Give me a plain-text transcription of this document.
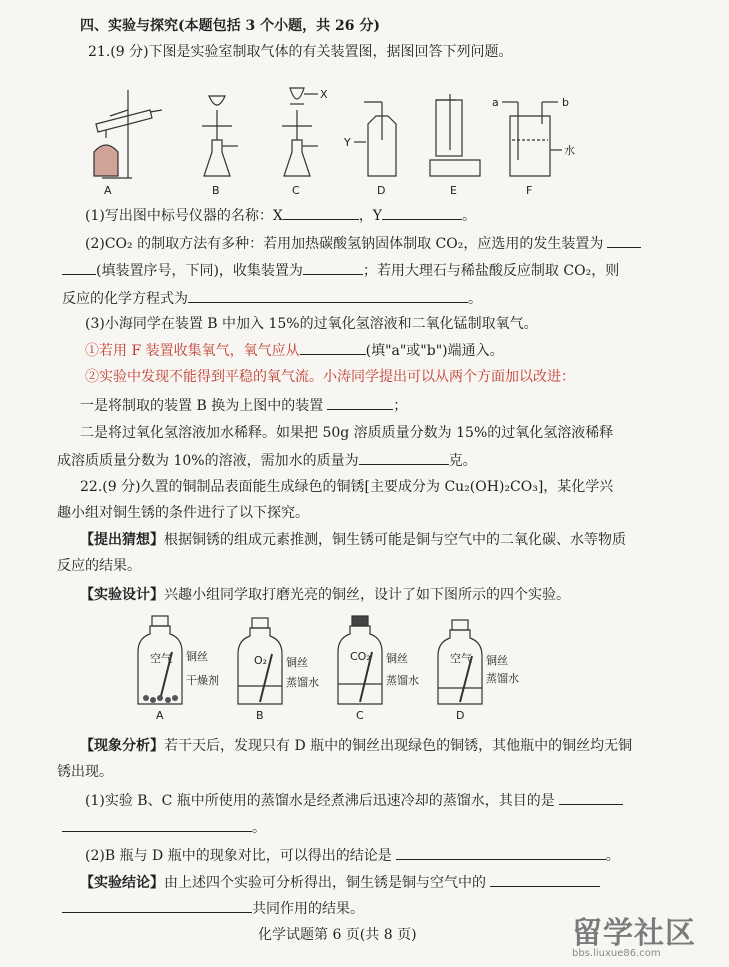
四、实验与探究(本题包括 3 个小题，共 26 分)
21.(9 分)下图是实验室制取气体的有关装置图，据图回答下列问题。
A	B	C	D	E	F
X
Y
a	b
水
(1)写出图中标号仪器的名称：X	，Y	。
(2)CO₂ 的制取方法有多种：若用加热碳酸氢钠固体制取 CO₂，应选用的发生装置为
(填装置序号，下同)，收集装置为	；若用大理石与稀盐酸反应制取 CO₂，则
反应的化学方程式为	。
(3)小海同学在装置 B 中加入 15%的过氧化氢溶液和二氧化锰制取氧气。
①若用 F 装置收集氧气，氧气应从	(填"a"或"b")端通入。
②实验中发现不能得到平稳的氧气流。小涛同学提出可以从两个方面加以改进：
一是将制取的装置 B 换为上图中的装置	；
二是将过氧化氢溶液加水稀释。如果把 50g 溶质质量分数为 15%的过氧化氢溶液稀释
成溶质质量分数为 10%的溶液，需加水的质量为	克。
22.(9 分)久置的铜制品表面能生成绿色的铜锈[主要成分为 Cu₂(OH)₂CO₃]，某化学兴
趣小组对铜生锈的条件进行了以下探究。
【提出猜想】根据铜锈的组成元素推测，铜生锈可能是铜与空气中的二氧化碳、水等物质
反应的结果。
【实验设计】兴趣小组同学取打磨光亮的铜丝，设计了如下图所示的四个实验。
空气 铜丝
干燥剂
A
O₂ 铜丝
蒸馏水
B
CO₂ 铜丝
蒸馏水
C
空气 铜丝
蒸馏水
D
【现象分析】若干天后，发现只有 D 瓶中的铜丝出现绿色的铜锈，其他瓶中的铜丝均无铜
锈出现。
(1)实验 B、C 瓶中所使用的蒸馏水是经煮沸后迅速冷却的蒸馏水，其目的是
。
(2)B 瓶与 D 瓶中的现象对比，可以得出的结论是	。
【实验结论】由上述四个实验可分析得出，铜生锈是铜与空气中的
共同作用的结果。
化学试题第 6 页(共 8 页)	留学社区
bbs.liuxue86.com
